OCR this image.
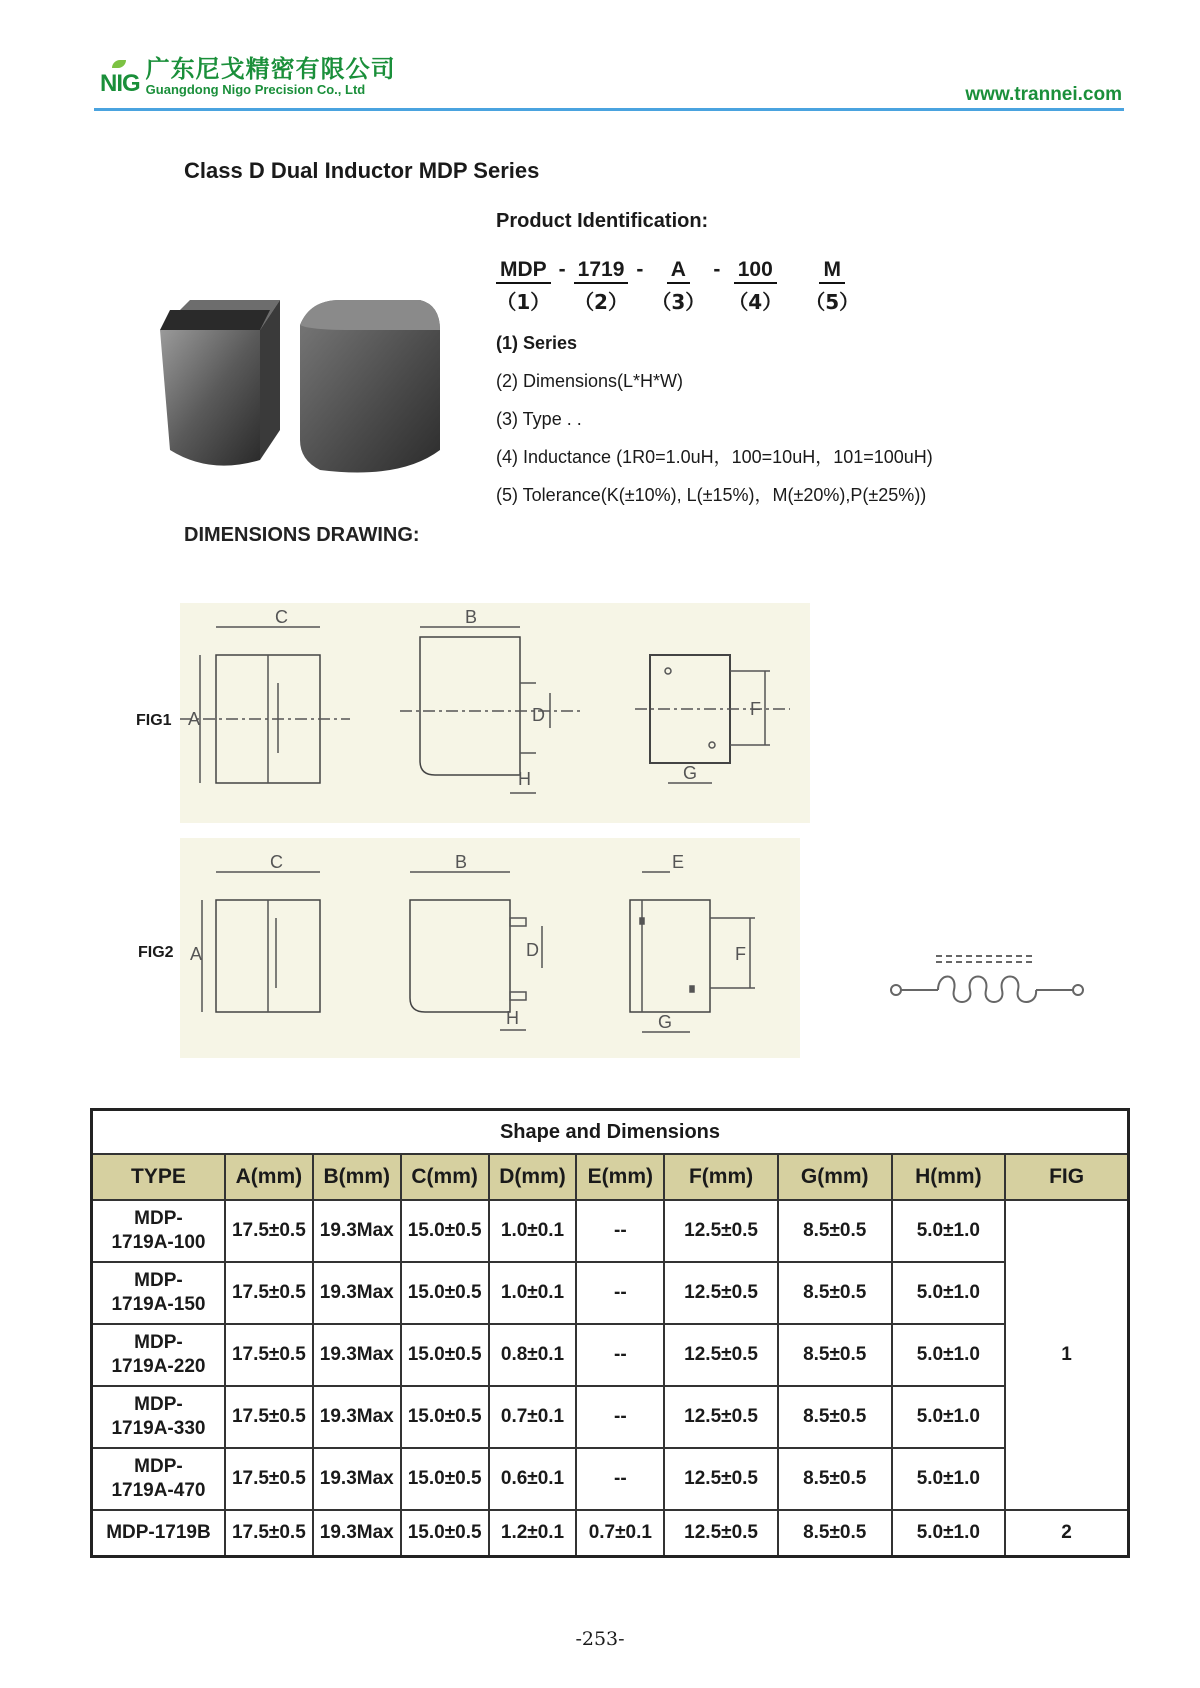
NIG
广东尼戈精密有限公司
Guangdong Nigo Precision Co., Ltd	www.trannei.com
Class D Dual Inductor MDP Series
Product Identification:
MDP
（1）
- 1719
（2）
- A
（3）
- 100
（4）
M
（5）
(1) Series
(2) Dimensions(L*H*W)
(3) Type . .
(4) Inductance (1R0=1.0uH，100=10uH，101=100uH)
(5) Tolerance(K(±10%), L(±15%)，M(±20%),P(±25%))
DIMENSIONS DRAWING:
FIG1 A
C	B
D
H
F
G
FIG2 A
C	B
D
H
F
E
G
Shape and Dimensions									
TYPE	A(mm)	B(mm)	C(mm)	D(mm)	E(mm)	F(mm)	G(mm)	H(mm)	FIG
MDP-
1719A-100	17.5±0.5	19.3Max	15.0±0.5	1.0±0.1	--	12.5±0.5	8.5±0.5	5.0±1.0	1
MDP-
1719A-150	17.5±0.5	19.3Max	15.0±0.5	1.0±0.1	--	12.5±0.5	8.5±0.5	5.0±1.0	
MDP-
1719A-220	17.5±0.5	19.3Max	15.0±0.5	0.8±0.1	--	12.5±0.5	8.5±0.5	5.0±1.0	
MDP-
1719A-330	17.5±0.5	19.3Max	15.0±0.5	0.7±0.1	--	12.5±0.5	8.5±0.5	5.0±1.0	
MDP-
1719A-470	17.5±0.5	19.3Max	15.0±0.5	0.6±0.1	--	12.5±0.5	8.5±0.5	5.0±1.0	
MDP-1719B	17.5±0.5	19.3Max	15.0±0.5	1.2±0.1	0.7±0.1	12.5±0.5	8.5±0.5	5.0±1.0	2
-253-
